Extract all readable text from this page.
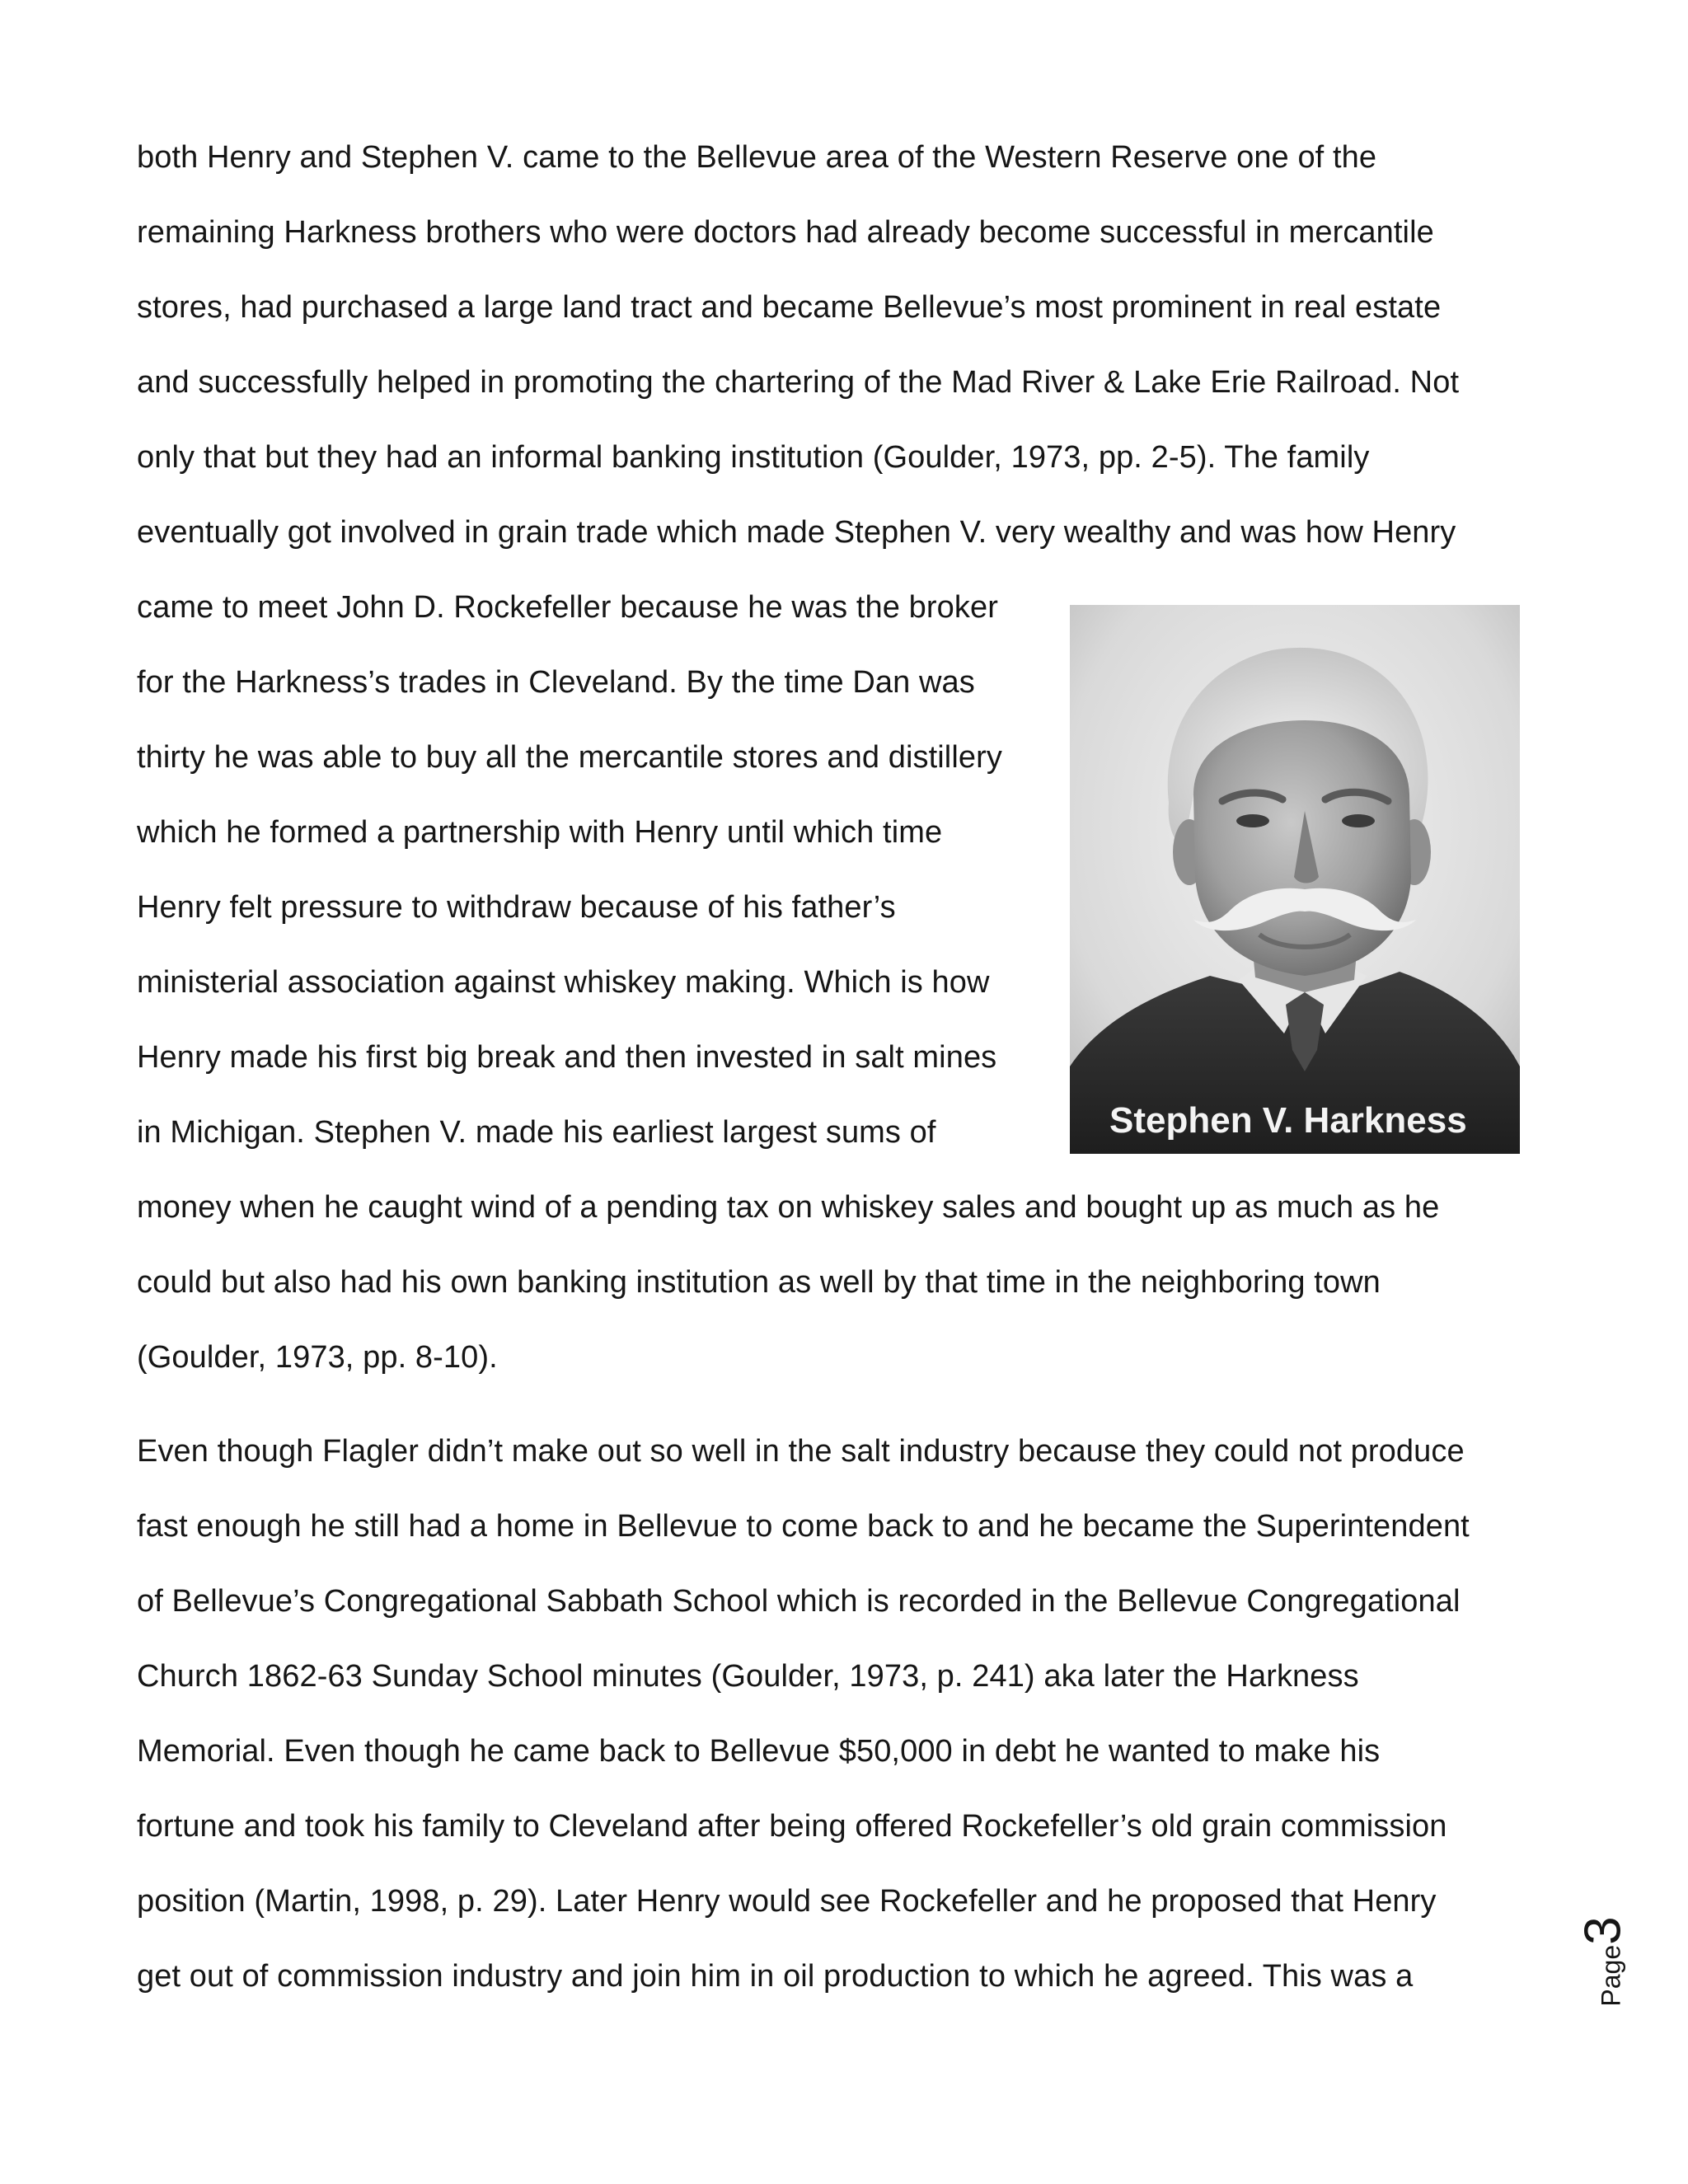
both Henry and Stephen V. came to the Bellevue area of the Western Reserve one of the
remaining Harkness brothers who were doctors had already become successful in mercantile
stores, had purchased a large land tract and became Bellevue’s most prominent in real estate
and successfully helped in promoting the chartering of the Mad River & Lake Erie Railroad. Not
only that but they had an informal banking institution (Goulder, 1973, pp. 2-5). The family
eventually got involved in grain trade which made Stephen V. very wealthy and was how Henry
came to meet John D. Rockefeller because he was the broker
for the Harkness’s trades in Cleveland. By the time Dan was
thirty he was able to buy all the mercantile stores and distillery
which he formed a partnership with Henry until which time
Henry felt pressure to withdraw because of his father’s
ministerial association against whiskey making. Which is how
Henry made his first big break and then invested in salt mines
in Michigan. Stephen V. made his earliest largest sums of
money when he caught wind of a pending tax on whiskey sales and bought up as much as he
could but also had his own banking institution as well by that time in the neighboring town
(Goulder, 1973, pp. 8-10).
Even though Flagler didn’t make out so well in the salt industry because they could not produce
fast enough he still had a home in Bellevue to come back to and he became the Superintendent
of Bellevue’s Congregational Sabbath School which is recorded in the Bellevue Congregational
Church 1862-63 Sunday School minutes (Goulder, 1973, p. 241) aka later the Harkness
Memorial. Even though he came back to Bellevue $50,000 in debt he wanted to make his
fortune and took his family to Cleveland after being offered Rockefeller’s old grain commission
position (Martin, 1998, p. 29). Later Henry would see Rockefeller and he proposed that Henry
get out of commission industry and join him in oil production to which he agreed. This was a
Stephen V. Harkness
Page3
